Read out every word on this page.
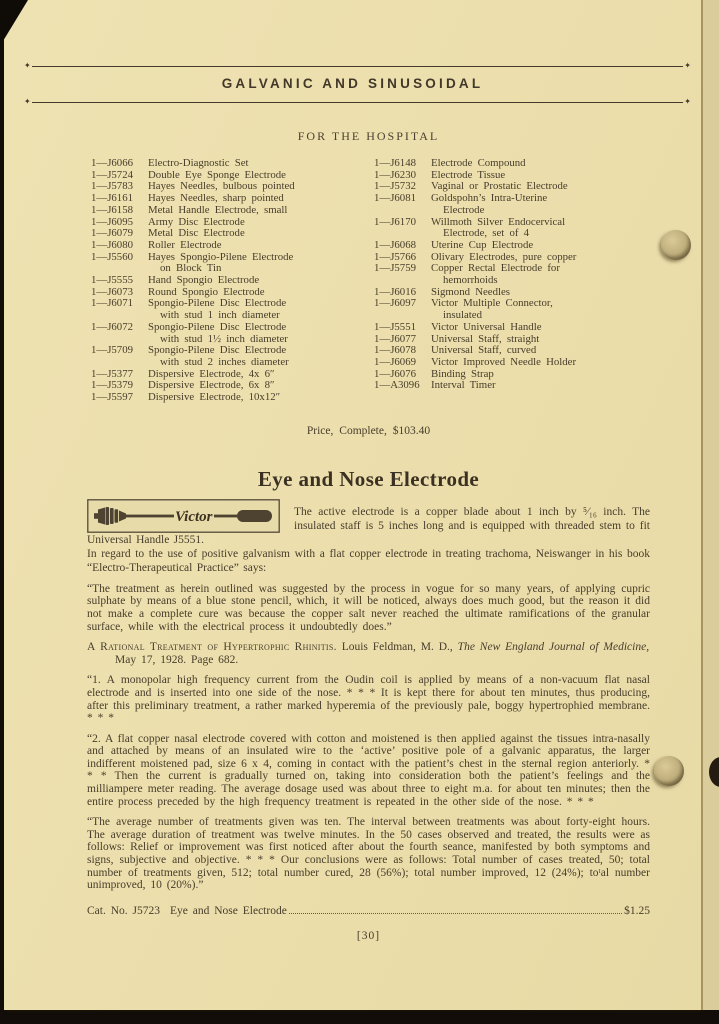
✦	✦
GALVANIC AND SINUSOIDAL
✦	✦
FOR THE HOSPITAL
1—J6066	Electro-Diagnostic Set
1—J5724	Double Eye Sponge Electrode
1—J5783	Hayes Needles, bulbous pointed
1—J6161	Hayes Needles, sharp pointed
1—J6158	Metal Handle Electrode, small
1—J6095	Army Disc Electrode
1—J6079	Metal Disc Electrode
1—J6080	Roller Electrode
1—J5560	Hayes Spongio-Pilene Electrode
on Block Tin
1—J5555	Hand Spongio Electrode
1—J6073	Round Spongio Electrode
1—J6071	Spongio-Pilene Disc Electrode
with stud 1 inch diameter
1—J6072	Spongio-Pilene Disc Electrode
with stud 1½ inch diameter
1—J5709	Spongio-Pilene Disc Electrode
with stud 2 inches diameter
1—J5377	Dispersive Electrode, 4x 6″
1—J5379	Dispersive Electrode, 6x 8″
1—J5597	Dispersive Electrode, 10x12″
1—J6148	Electrode Compound
1—J6230	Electrode Tissue
1—J5732	Vaginal or Prostatic Electrode
1—J6081	Goldspohn’s Intra-Uterine
Electrode
1—J6170	Willmoth Silver Endocervical
Electrode, set of 4
1—J6068	Uterine Cup Electrode
1—J5766	Olivary Electrodes, pure copper
1—J5759	Copper Rectal Electrode for
hemorrhoids
1—J6016	Sigmond Needles
1—J6097	Victor Multiple Connector,
insulated
1—J5551	Victor Universal Handle
1—J6077	Universal Staff, straight
1—J6078	Universal Staff, curved
1—J6069	Victor Improved Needle Holder
1—J6076	Binding Strap
1—A3096	Interval Timer
Price, Complete, $103.40
Eye and Nose Electrode
Victor	The active electrode is a copper blade about 1 inch by ⁵⁄₁₆ inch. The insulated staff is 5 inches long and is equipped with threaded stem to fit Universal Handle J5551.

In regard to the use of positive galvanism with a flat copper electrode in treating trachoma, Neiswanger in his book “Electro-Therapeutical Practice” says:

“The treatment as herein outlined was suggested by the process in vogue for so many years, of applying cupric sulphate by means of a blue stone pencil, which, it will be noticed, always does much good, but the reason it did not make a complete cure was because the copper salt never reached the ultimate ramifications of the granular surface, while with the electrical process it undoubtedly does.”

A Rational Treatment of Hypertrophic Rhinitis. Louis Feldman, M. D., The New England Journal of Medicine, May 17, 1928. Page 682.

“1. A monopolar high frequency current from the Oudin coil is applied by means of a non-vacuum flat nasal electrode and is inserted into one side of the nose. * * * It is kept there for about ten minutes, thus producing, after this preliminary treatment, a rather marked hyperemia of the previously pale, boggy hypertrophied membrane. * * *

“2. A flat copper nasal electrode covered with cotton and moistened is then applied against the tissues intra-nasally and attached by means of an insulated wire to the ‘active’ positive pole of a galvanic apparatus, the larger indifferent moistened pad, size 6 x 4, coming in contact with the patient’s chest in the sternal region anteriorly. * * * Then the current is gradually turned on, taking into consideration both the patient’s feelings and the milliampere meter reading. The average dosage used was about three to eight m.a. for about ten minutes; then the entire process preceded by the high frequency treatment is repeated in the other side of the nose. * * *

“The average number of treatments given was ten. The interval between treatments was about forty-eight hours. The average duration of treatment was twelve minutes. In the 50 cases observed and treated, the results were as follows: Relief or improvement was first noticed after about the fourth seance, manifested by both symptoms and signs, subjective and objective. * * * Our conclusions were as follows: Total number of cases treated, 50; total number of treatments given, 512; total number cured, 28 (56%); total number improved, 12 (24%); toᵗal number unimproved, 10 (20%).”

Cat. No. J5723 Eye and Nose Electrode	$1.25
[30]
